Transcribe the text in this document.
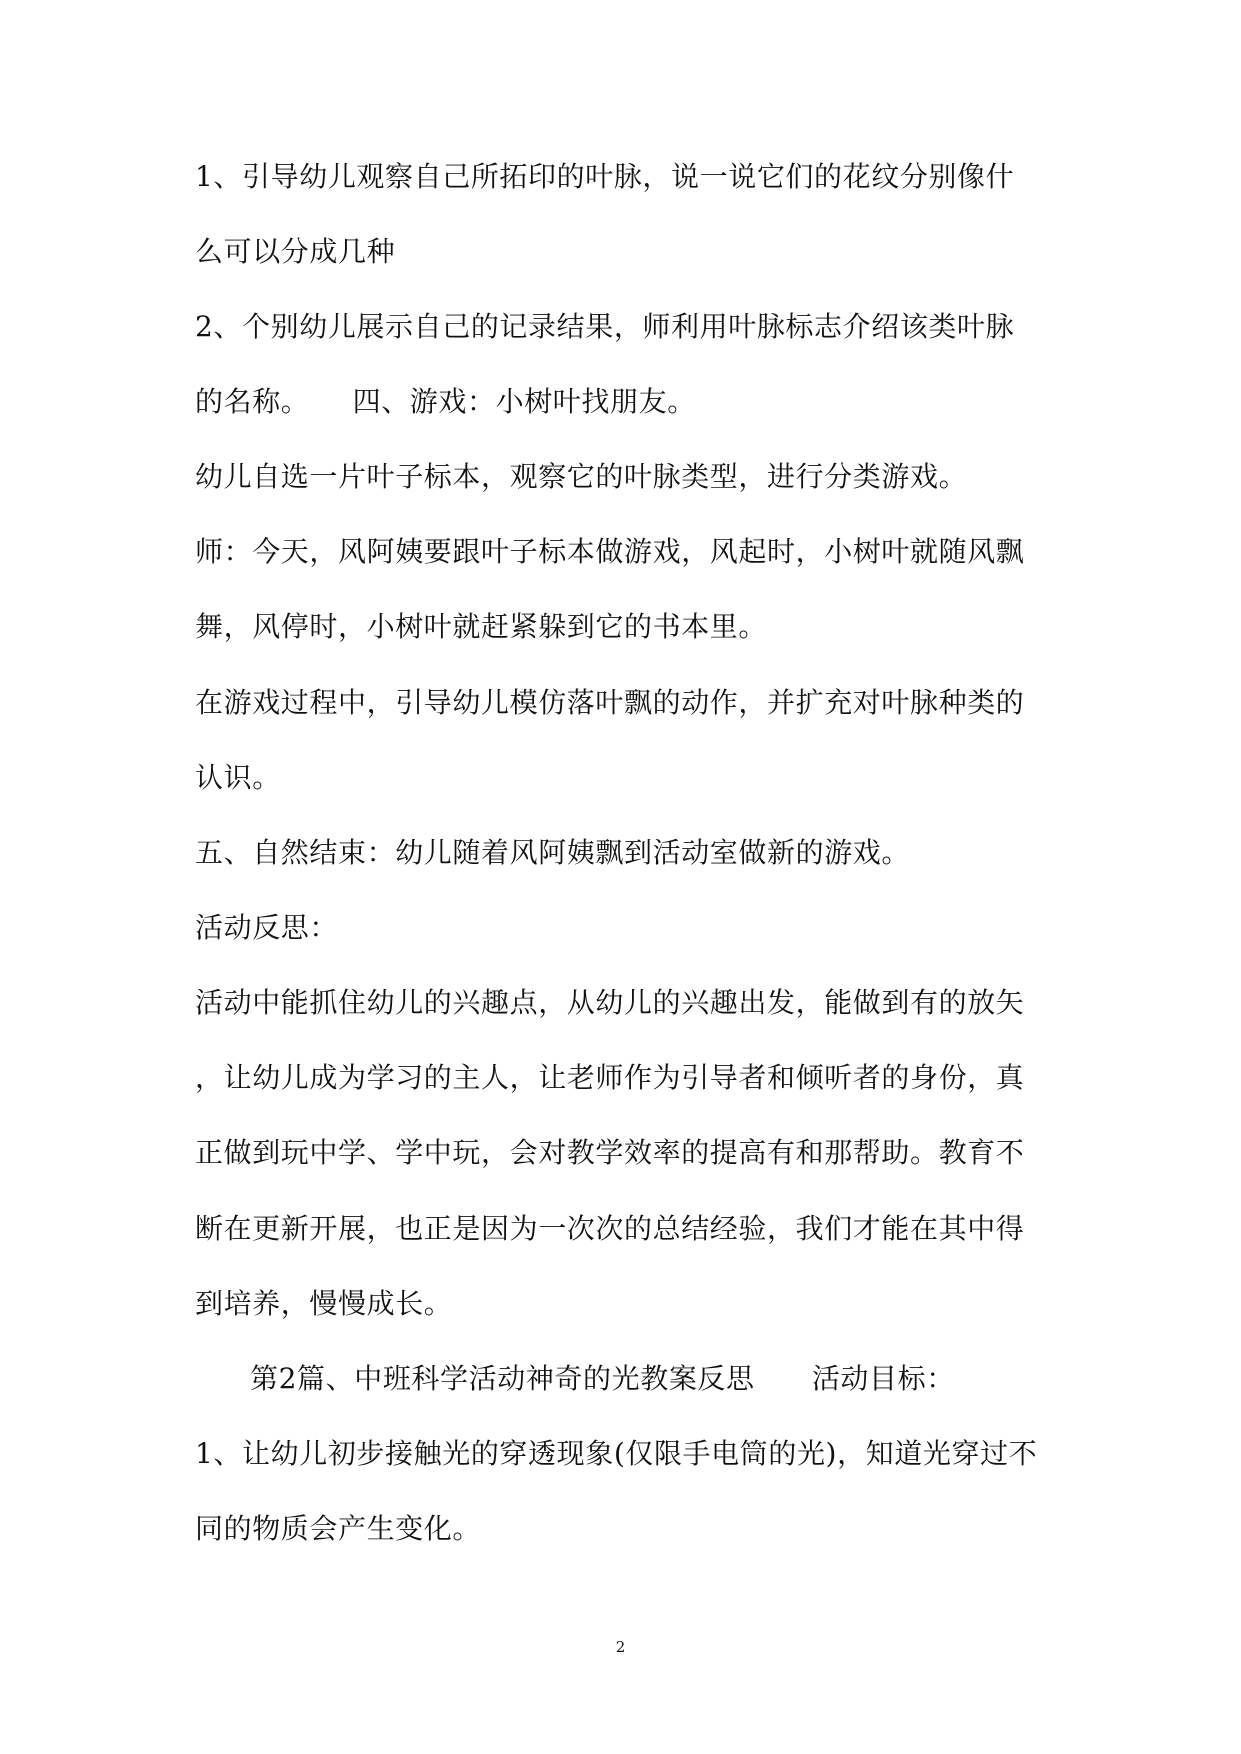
1、引导幼儿观察自己所拓印的叶脉，说一说它们的花纹分别像什
么可以分成几种
2、个别幼儿展示自己的记录结果，师利用叶脉标志介绍该类叶脉
的名称。　　四、游戏：小树叶找朋友。
幼儿自选一片叶子标本，观察它的叶脉类型，进行分类游戏。
师：今天，风阿姨要跟叶子标本做游戏，风起时，小树叶就随风飘
舞，风停时，小树叶就赶紧躲到它的书本里。
在游戏过程中，引导幼儿模仿落叶飘的动作，并扩充对叶脉种类的
认识。
五、自然结束：幼儿随着风阿姨飘到活动室做新的游戏。
活动反思：
活动中能抓住幼儿的兴趣点，从幼儿的兴趣出发，能做到有的放矢
，让幼儿成为学习的主人，让老师作为引导者和倾听者的身份，真
正做到玩中学、学中玩，会对教学效率的提高有和那帮助。教育不
断在更新开展，也正是因为一次次的总结经验，我们才能在其中得
到培养，慢慢成长。
第2篇、中班科学活动神奇的光教案反思　　活动目标：
1、让幼儿初步接触光的穿透现象(仅限手电筒的光)，知道光穿过不
同的物质会产生变化。
2
